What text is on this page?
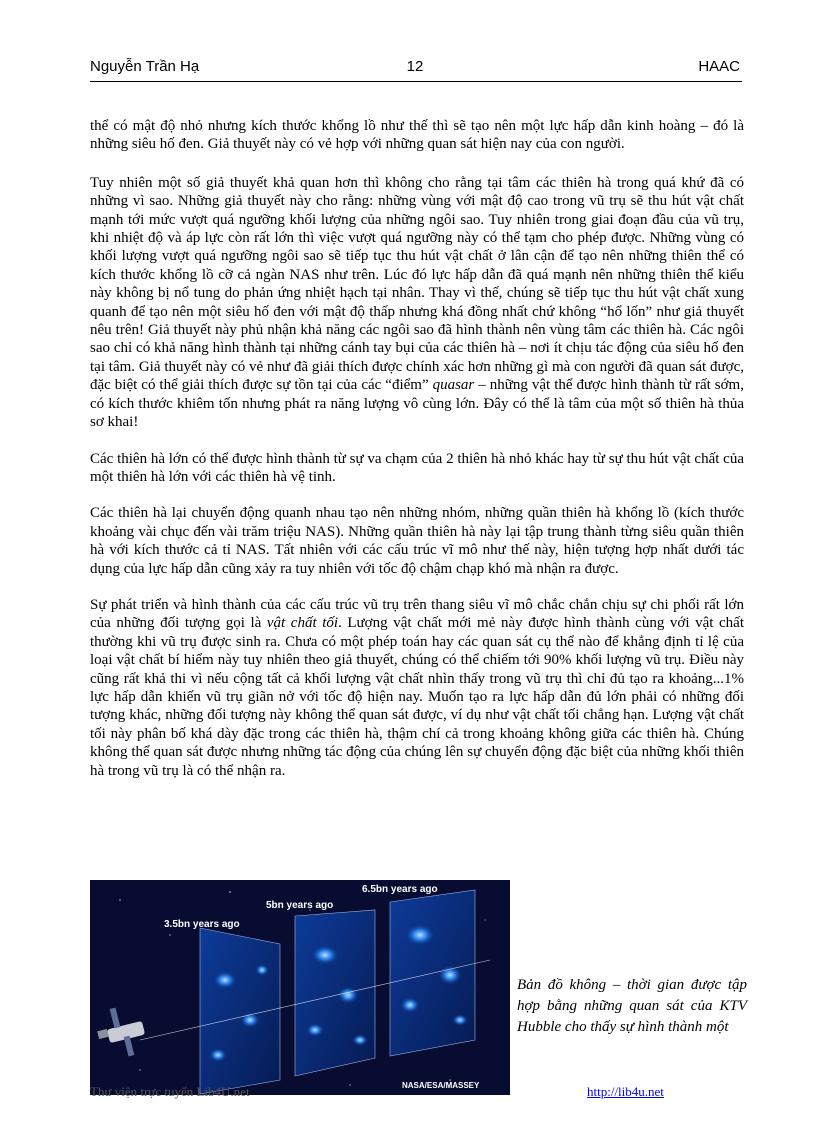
Nguyễn Trần Hạ	12	HAAC

thể có mật độ nhỏ nhưng kích thước khổng lồ như thế thì sẽ tạo nên một lực hấp dẫn kinh hoàng – đó là những siêu hố đen. Giả thuyết này có vẻ hợp với những quan sát hiện nay của con người.

Tuy nhiên một số giả thuyết khả quan hơn thì không cho rằng tại tâm các thiên hà trong quá khứ đã có những vì sao. Những giả thuyết này cho rằng: những vùng với mật độ cao trong vũ trụ sẽ thu hút vật chất mạnh tới mức vượt quá ngưỡng khối lượng của những ngôi sao. Tuy nhiên trong giai đoạn đầu của vũ trụ, khi nhiệt độ và áp lực còn rất lớn thì việc vượt quá ngưỡng này có thể tạm cho phép được. Những vùng có khối lượng vượt quá ngưỡng ngôi sao sẽ tiếp tục thu hút vật chất ở lân cận để tạo nên những thiên thể có kích thước khổng lồ cỡ cả ngàn NAS như trên. Lúc đó lực hấp dẫn đã quá mạnh nên những thiên thể kiểu này không bị nổ tung do phản ứng nhiệt hạch tại nhân. Thay vì thế, chúng sẽ tiếp tục thu hút vật chất xung quanh để tạo nên một siêu hố đen với mật độ thấp nhưng khá đồng nhất chứ không “hổ lốn” như giả thuyết nêu trên! Giả thuyết này phủ nhận khả năng các ngôi sao đã hình thành nên vùng tâm các thiên hà. Các ngôi sao chỉ có khả năng hình thành tại những cánh tay bụi của các thiên hà – nơi ít chịu tác động của siêu hố đen tại tâm. Giả thuyết này có vẻ như đã giải thích được chính xác hơn những gì mà con người đã quan sát được, đặc biệt có thể giải thích được sự tồn tại của các “điểm” quasar – những vật thể được hình thành từ rất sớm, có kích thước khiêm tốn nhưng phát ra năng lượng vô cùng lớn. Đây có thể là tâm của một số thiên hà thủa sơ khai!

Các thiên hà lớn có thể được hình thành từ sự va chạm của 2 thiên hà nhỏ khác hay từ sự thu hút vật chất của một thiên hà lớn với các thiên hà vệ tinh.

Các thiên hà lại chuyển động quanh nhau tạo nên những nhóm, những quần thiên hà khổng lồ (kích thước khoảng vài chục đến vài trăm triệu NAS). Những quần thiên hà này lại tập trung thành từng siêu quần thiên hà với kích thước cả tỉ NAS. Tất nhiên với các cấu trúc vĩ mô như thế này, hiện tượng hợp nhất dưới tác dụng của lực hấp dẫn cũng xảy ra tuy nhiên với tốc độ chậm chạp khó mà nhận ra được.

Sự phát triển và hình thành của các cấu trúc vũ trụ trên thang siêu vĩ mô chắc chắn chịu sự chi phối rất lớn của những đối tượng gọi là vật chất tối. Lượng vật chất mới mẻ này được hình thành cùng với vật chất thường khi vũ trụ được sinh ra. Chưa có một phép toán hay các quan sát cụ thể nào để khẳng định tỉ lệ của loại vật chất bí hiểm này tuy nhiên theo giả thuyết, chúng có thể chiếm tới 90% khối lượng vũ trụ. Điều này cũng rất khả thi vì nếu cộng tất cả khối lượng vật chất nhìn thấy trong vũ trụ thì chỉ đủ tạo ra khoảng...1% lực hấp dẫn khiến vũ trụ giãn nở với tốc độ hiện nay. Muốn tạo ra lực hấp dẫn đủ lớn phải có những đối tượng khác, những đối tượng này không thể quan sát được, ví dụ như vật chất tối chẳng hạn. Lượng vật chất tối này phân bố khá dày đặc trong các thiên hà, thậm chí cả trong khoảng không giữa các thiên hà. Chúng không thể quan sát được nhưng những tác động của chúng lên sự chuyển động đặc biệt của những khối thiên hà trong vũ trụ là có thể nhận ra.

3.5bn years ago
5bn years ago
6.5bn years ago
NASA/ESA/MASSEY
Bản đồ không – thời gian được tập hợp bằng những quan sát của KTV Hubble cho thấy sự hình thành một
Thư viện trực tuyến Lib4U.net	http://lib4u.net
